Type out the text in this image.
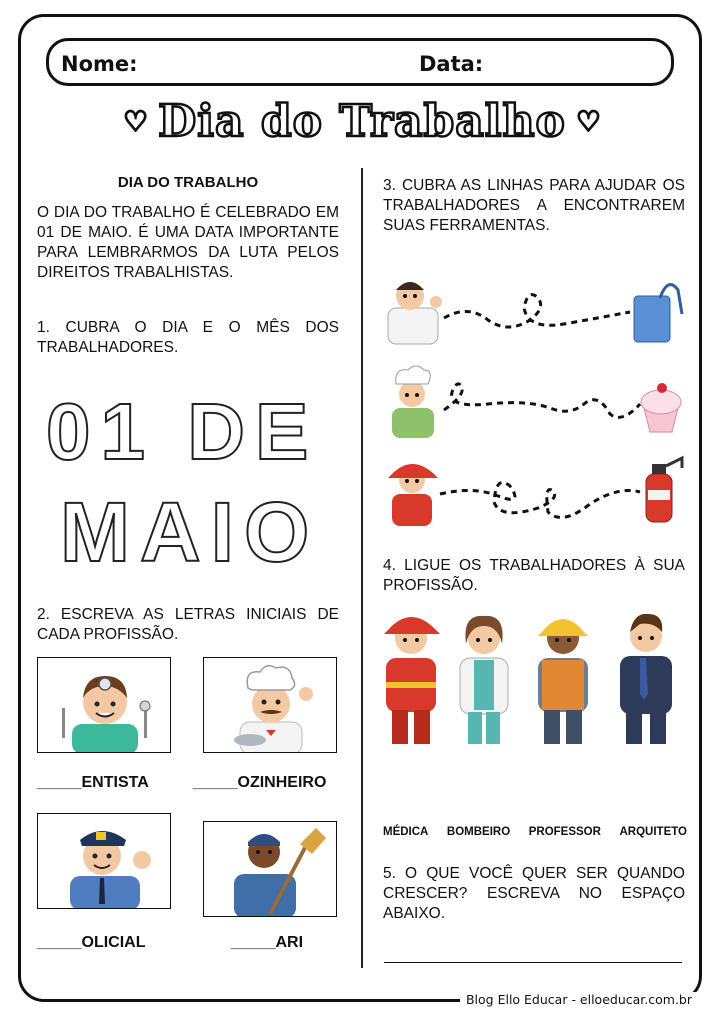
Nome:	Data:
♡ Dia do Trabalho ♡
DIA DO TRABALHO
O DIA DO TRABALHO É CELEBRADO EM 01 DE MAIO. É UMA DATA IMPORTANTE PARA LEMBRARMOS DA LUTA PELOS DIREITOS TRABALHISTAS.
1. CUBRA O DIA E O MÊS DOS TRABALHADORES.
01 DE
MAIO
2. ESCREVA AS LETRAS INICIAIS DE CADA PROFISSÃO.
_____ENTISTA	_____OZINHEIRO
_____OLICIAL	_____ARI
3. CUBRA AS LINHAS PARA AJUDAR OS TRABALHADORES A ENCONTRAREM SUAS FERRAMENTAS.
4. LIGUE OS TRABALHADORES À SUA PROFISSÃO.
MÉDICA BOMBEIRO PROFESSOR ARQUITETO
5. O QUE VOCÊ QUER SER QUANDO CRESCER? ESCREVA NO ESPAÇO ABAIXO.
Blog Ello Educar - elloeducar.com.br
